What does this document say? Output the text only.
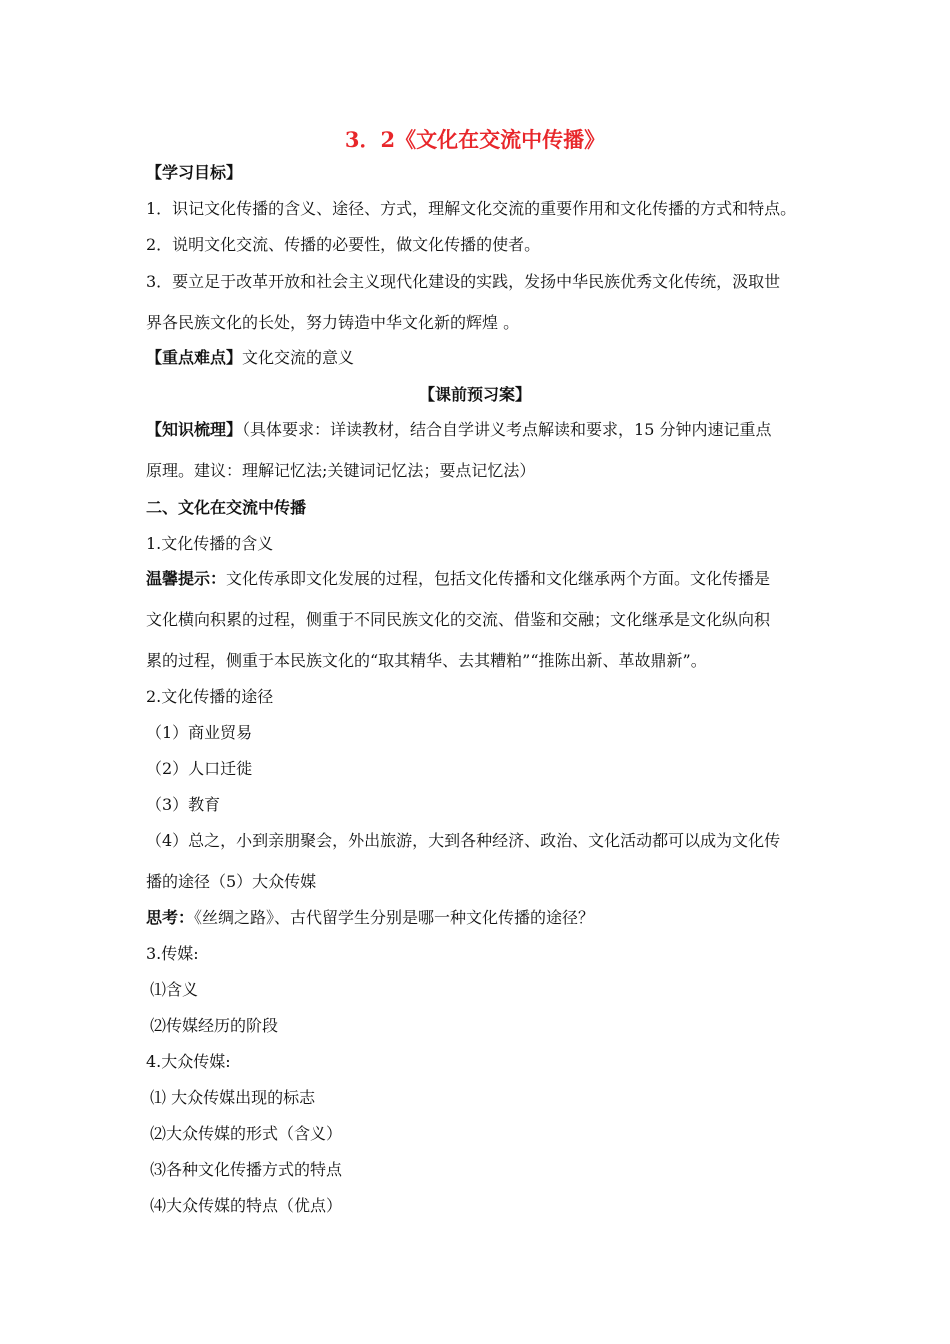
3．2《文化在交流中传播》
【学习目标】
1．识记文化传播的含义、途径、方式，理解文化交流的重要作用和文化传播的方式和特点。
2．说明文化交流、传播的必要性，做文化传播的使者。
3．要立足于改革开放和社会主义现代化建设的实践，发扬中华民族优秀文化传统，汲取世
界各民族文化的长处，努力铸造中华文化新的辉煌 。
【重点难点】文化交流的意义
【课前预习案】
【知识梳理】（具体要求：详读教材，结合自学讲义考点解读和要求，15 分钟内速记重点
原理。建议：理解记忆法;关键词记忆法；要点记忆法）
二、文化在交流中传播
1.文化传播的含义
温馨提示：文化传承即文化发展的过程，包括文化传播和文化继承两个方面。文化传播是
文化横向积累的过程，侧重于不同民族文化的交流、借鉴和交融；文化继承是文化纵向积
累的过程，侧重于本民族文化的“取其精华、去其糟粕”“推陈出新、革故鼎新”。
2.文化传播的途径
（1）商业贸易
（2）人口迁徙
（3）教育
（4）总之，小到亲朋聚会，外出旅游，大到各种经济、政治、文化活动都可以成为文化传
播的途径（5）大众传媒
思考：《丝绸之路》、古代留学生分别是哪一种文化传播的途径？
3.传媒:
⑴含义
⑵传媒经历的阶段
4.大众传媒:
⑴ 大众传媒出现的标志
⑵大众传媒的形式（含义）
⑶各种文化传播方式的特点
⑷大众传媒的特点（优点）
